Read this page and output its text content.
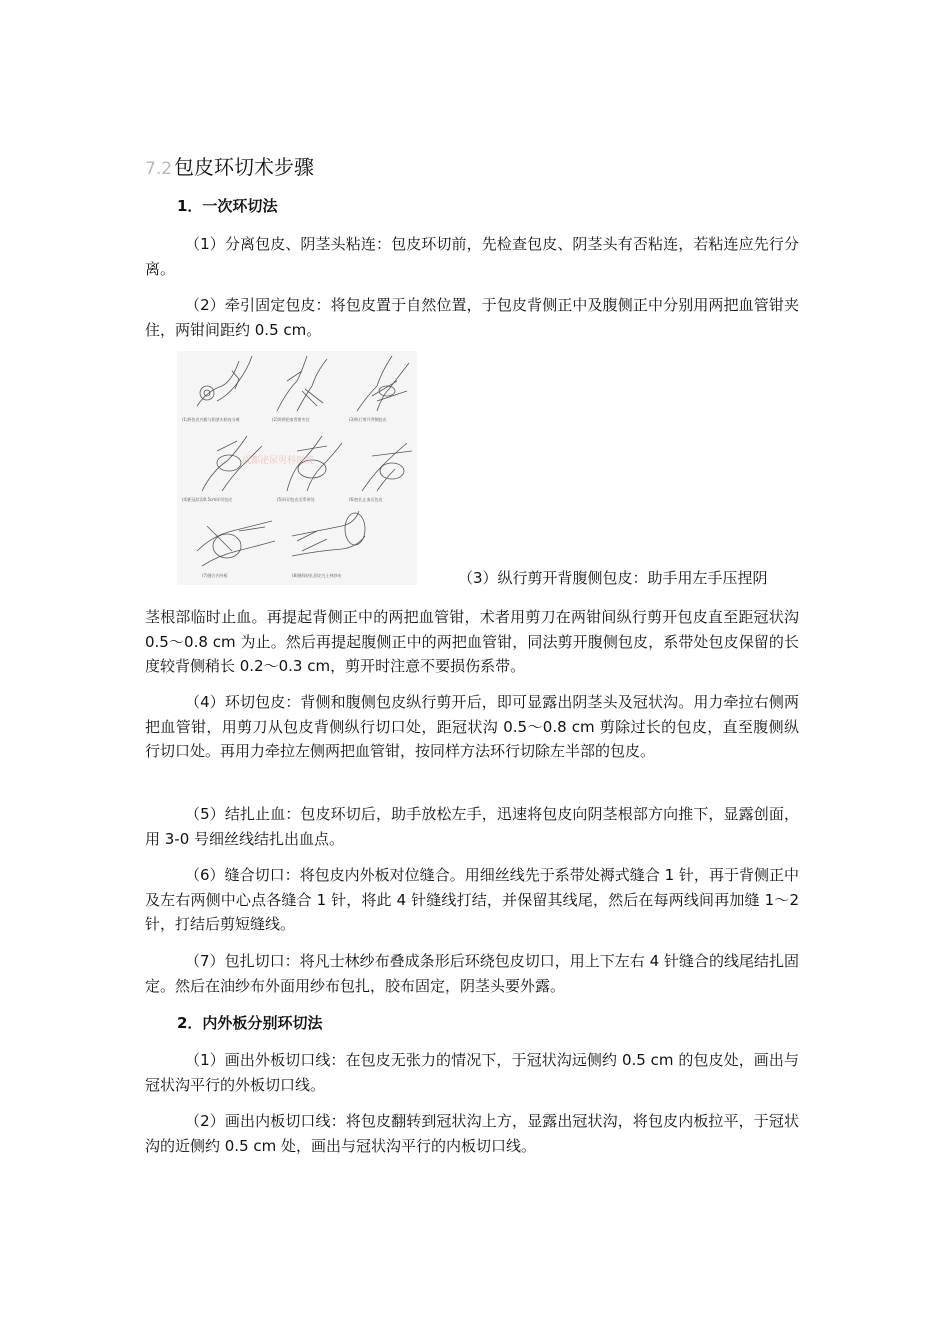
7.2 包皮环切术步骤
1．一次环切法

（1）分离包皮、阴茎头粘连：包皮环切前，先检查包皮、阴茎头有否粘连，若粘连应先行分离。

（2）牵引固定包皮：将包皮置于自然位置，于包皮背侧正中及腹侧正中分别用两把血管钳夹住，两钳间距约 0.5 cm。

(1)将包皮内板与阴茎头粘连分离	(2)用两把血管钳夹住	(3)纵行剪开背侧包皮
成都泌尿男科医院
(4)距冠状沟0.5cm环切包皮	(5)环切包皮至系带处	(6)包扎止血后包皮
(7)缝合内外板	(8)缝线结扎固定凡士林纱布	（3）纵行剪开背腹侧包皮：助手用左手压捏阴

茎根部临时止血。再提起背侧正中的两把血管钳，术者用剪刀在两钳间纵行剪开包皮直至距冠状沟 0.5～0.8 cm 为止。然后再提起腹侧正中的两把血管钳，同法剪开腹侧包皮，系带处包皮保留的长度较背侧稍长 0.2～0.3 cm，剪开时注意不要损伤系带。

（4）环切包皮：背侧和腹侧包皮纵行剪开后，即可显露出阴茎头及冠状沟。用力牵拉右侧两把血管钳，用剪刀从包皮背侧纵行切口处，距冠状沟 0.5～0.8 cm 剪除过长的包皮，直至腹侧纵行切口处。再用力牵拉左侧两把血管钳，按同样方法环行切除左半部的包皮。

（5）结扎止血：包皮环切后，助手放松左手，迅速将包皮向阴茎根部方向推下，显露创面，用 3-0 号细丝线结扎出血点。

（6）缝合切口：将包皮内外板对位缝合。用细丝线先于系带处褥式缝合 1 针，再于背侧正中及左右两侧中心点各缝合 1 针，将此 4 针缝线打结，并保留其线尾，然后在每两线间再加缝 1～2 针，打结后剪短缝线。

（7）包扎切口：将凡士林纱布叠成条形后环绕包皮切口，用上下左右 4 针缝合的线尾结扎固定。然后在油纱布外面用纱布包扎，胶布固定，阴茎头要外露。

2．内外板分别环切法

（1）画出外板切口线：在包皮无张力的情况下，于冠状沟远侧约 0.5 cm 的包皮处，画出与冠状沟平行的外板切口线。

（2）画出内板切口线：将包皮翻转到冠状沟上方，显露出冠状沟，将包皮内板拉平，于冠状沟的近侧约 0.5 cm 处，画出与冠状沟平行的内板切口线。
